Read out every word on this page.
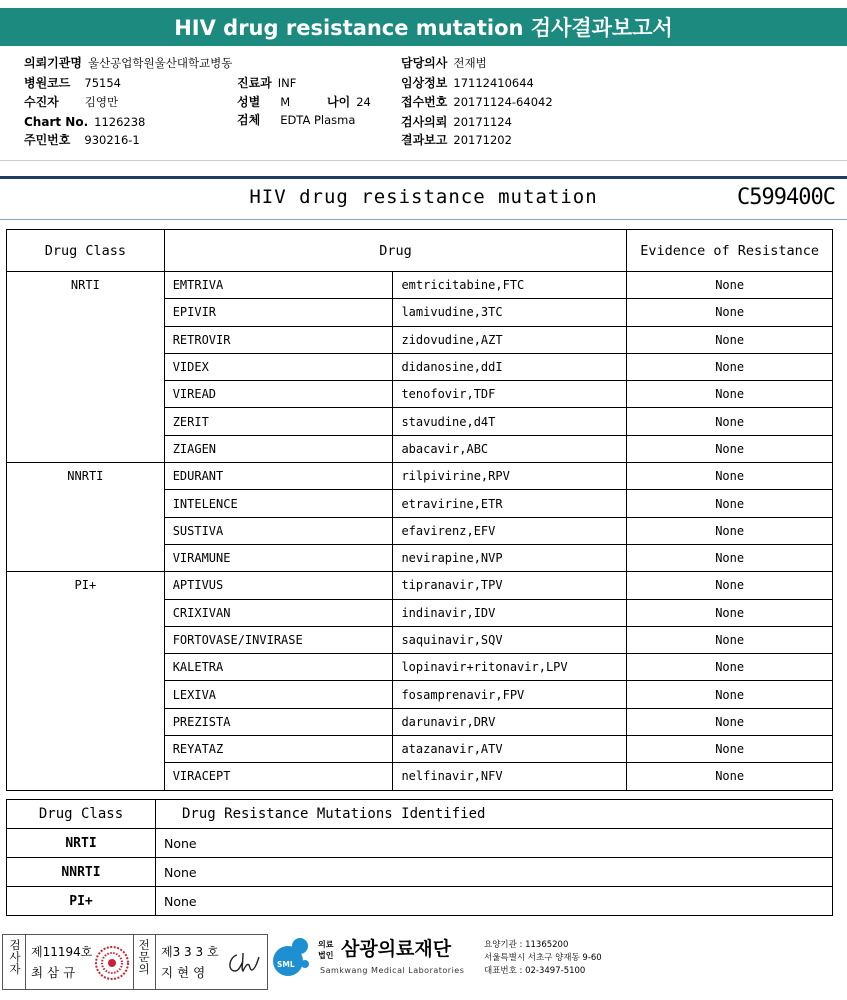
HIV drug resistance mutation 검사결과보고서
의뢰기관명 울산공업학원울산대학교병동
병원코드 75154
수진자 김영만
Chart No. 1126238
주민번호 930216-1
진료과 INF
성별 M	나이 24
검체 EDTA Plasma
담당의사 전재범
임상정보 17112410644
접수번호 20171124-64042
검사의뢰 20171124
결과보고 20171202
HIV drug resistance mutation	C599400C
Drug Class	Drug		Evidence of Resistance
NRTI	EMTRIVA	emtricitabine,FTC	None
	EPIVIR	lamivudine,3TC	None
	RETROVIR	zidovudine,AZT	None
	VIDEX	didanosine,ddI	None
	VIREAD	tenofovir,TDF	None
	ZERIT	stavudine,d4T	None
	ZIAGEN	abacavir,ABC	None
NNRTI	EDURANT	rilpivirine,RPV	None
	INTELENCE	etravirine,ETR	None
	SUSTIVA	efavirenz,EFV	None
	VIRAMUNE	nevirapine,NVP	None
PI+	APTIVUS	tipranavir,TPV	None
	CRIXIVAN	indinavir,IDV	None
	FORTOVASE/INVIRASE	saquinavir,SQV	None
	KALETRA	lopinavir+ritonavir,LPV	None
	LEXIVA	fosamprenavir,FPV	None
	PREZISTA	darunavir,DRV	None
	REYATAZ	atazanavir,ATV	None
	VIRACEPT	nelfinavir,NFV	None
Drug Class	Drug Resistance Mutations Identified
NRTI	None
NNRTI	None
PI+	None
검사자
제11194호
최 삼 규
전문의
제3 3 3 호
지 현 영
SML
의료
법인 삼광의료재단
Samkwang Medical Laboratories
요양기관 : 11365200
서울특별시 서초구 양재동 9-60
대표번호 : 02-3497-5100
